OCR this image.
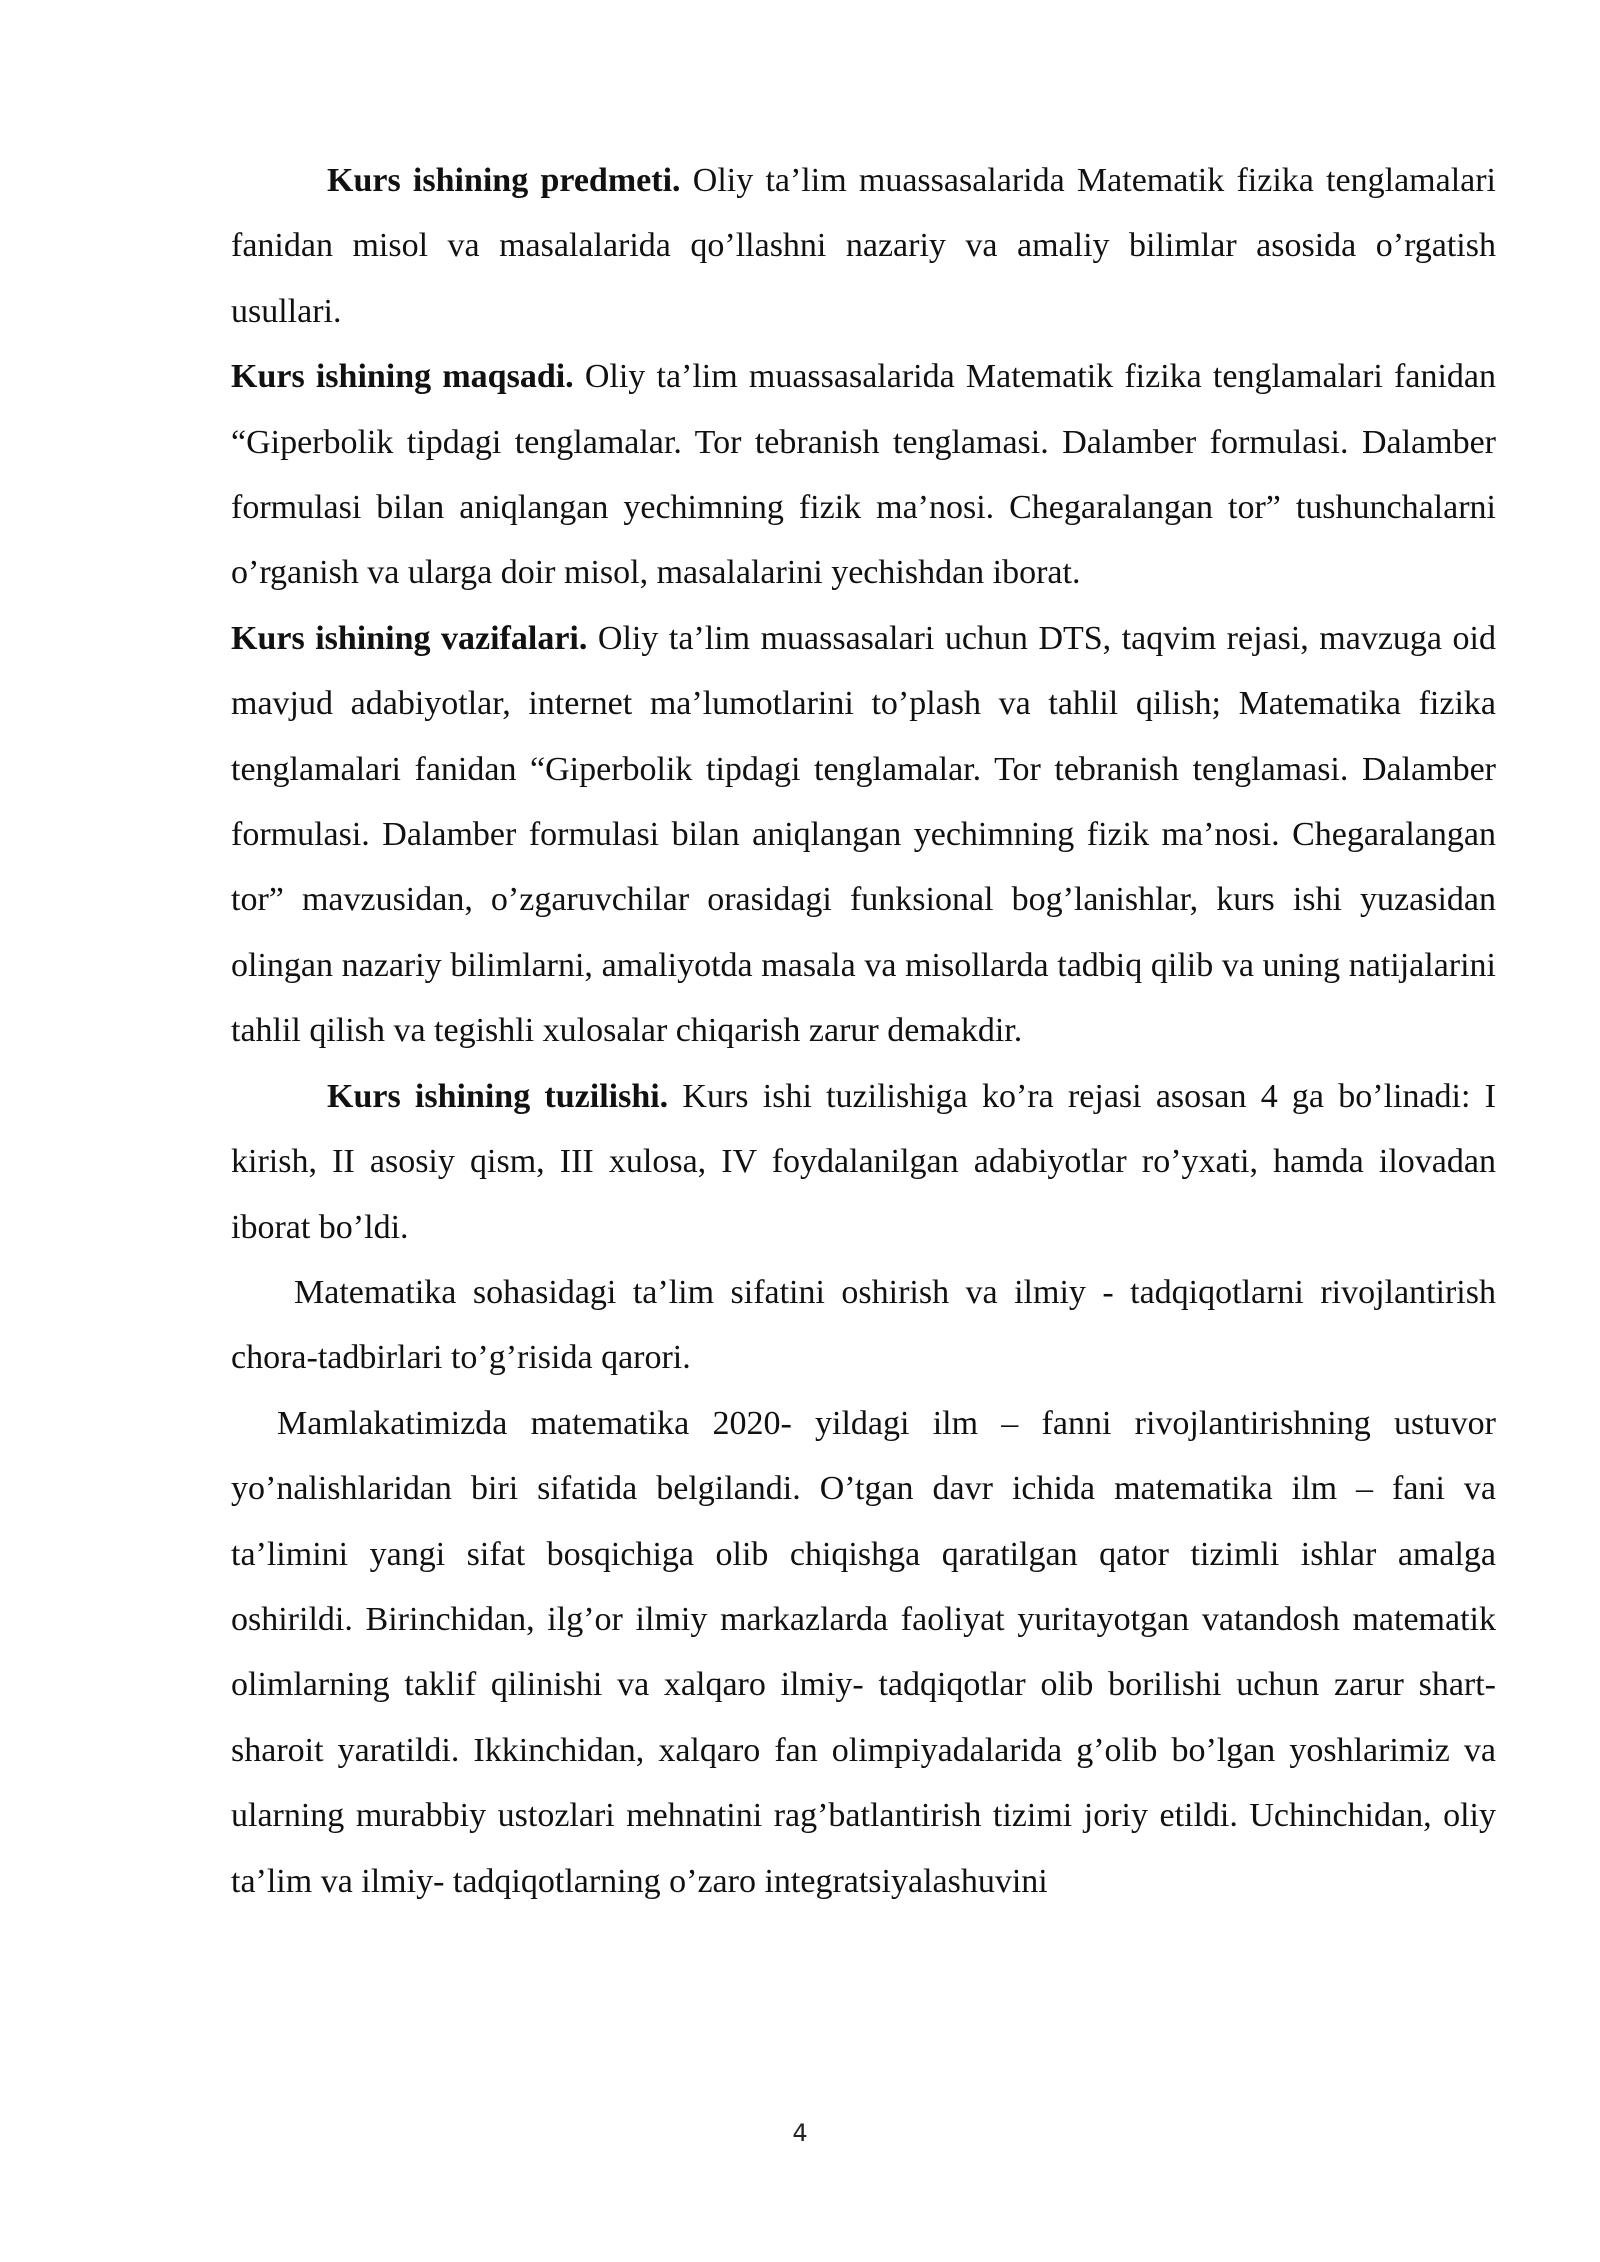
Kurs ishining predmeti. Oliy ta’lim muassasalarida Matematik fizika tenglamalari fanidan misol va masalalarida qo’llashni nazariy va amaliy bilimlar asosida o’rgatish usullari.

Kurs ishining maqsadi. Oliy ta’lim muassasalarida Matematik fizika tenglamalari fanidan “Giperbolik tipdagi tenglamalar. Tor tebranish tenglamasi. Dalamber formulasi. Dalamber formulasi bilan aniqlangan yechimning fizik ma’nosi. Chegaralangan tor” tushunchalarni o’rganish va ularga doir misol, masalalarini yechishdan iborat.

Kurs ishining vazifalari. Oliy ta’lim muassasalari uchun DTS, taqvim rejasi, mavzuga oid mavjud adabiyotlar, internet ma’lumotlarini to’plash va tahlil qilish; Matematika fizika tenglamalari fanidan “Giperbolik tipdagi tenglamalar. Tor tebranish tenglamasi. Dalamber formulasi. Dalamber formulasi bilan aniqlangan yechimning fizik ma’nosi. Chegaralangan tor” mavzusidan, o’zgaruvchilar orasidagi funksional bog’lanishlar, kurs ishi yuzasidan olingan nazariy bilimlarni, amaliyotda masala va misollarda tadbiq qilib va uning natijalarini tahlil qilish va tegishli xulosalar chiqarish zarur demakdir.

Kurs ishining tuzilishi. Kurs ishi tuzilishiga ko’ra rejasi asosan 4 ga bo’linadi: I kirish, II asosiy qism, III xulosa, IV foydalanilgan adabiyotlar ro’yxati, hamda ilovadan iborat bo’ldi.

Matematika sohasidagi ta’lim sifatini oshirish va ilmiy - tadqiqotlarni rivojlantirish chora-tadbirlari to’g’risida qarori.

Mamlakatimizda matematika 2020- yildagi ilm – fanni rivojlantirishning ustuvor yo’nalishlaridan biri sifatida belgilandi. O’tgan davr ichida matematika ilm – fani va ta’limini yangi sifat bosqichiga olib chiqishga qaratilgan qator tizimli ishlar amalga oshirildi. Birinchidan, ilg’or ilmiy markazlarda faoliyat yuritayotgan vatandosh matematik olimlarning taklif qilinishi va xalqaro ilmiy- tadqiqotlar olib borilishi uchun zarur shart- sharoit yaratildi. Ikkinchidan, xalqaro fan olimpiyadalarida g’olib bo’lgan yoshlarimiz va ularning murabbiy ustozlari mehnatini rag’batlantirish tizimi joriy etildi. Uchinchidan, oliy ta’lim va ilmiy- tadqiqotlarning o’zaro integratsiyalashuvini

4
